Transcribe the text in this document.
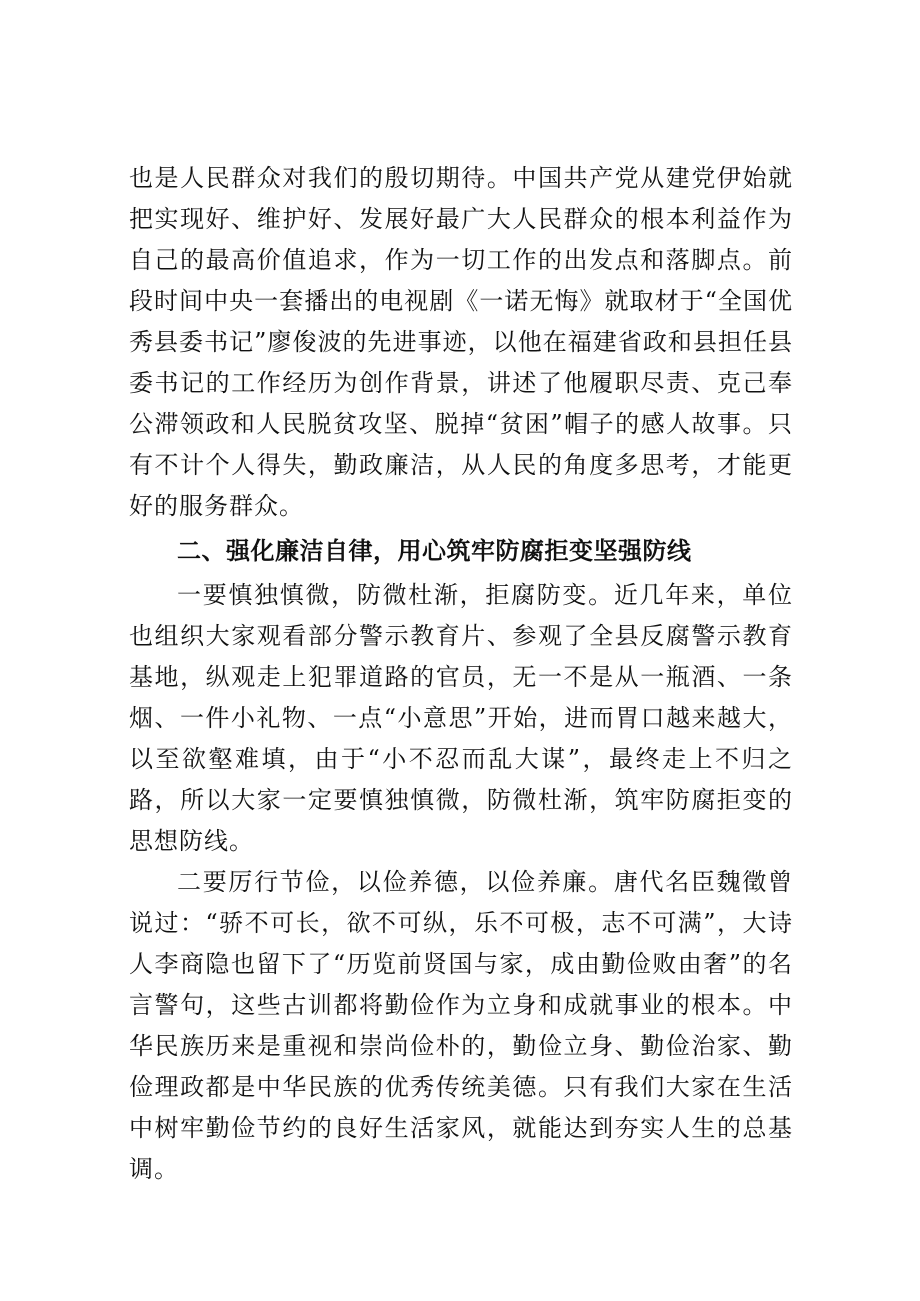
也是人民群众对我们的殷切期待。中国共产党从建党伊始就把实现好、维护好、发展好最广大人民群众的根本利益作为自己的最高价值追求，作为一切工作的出发点和落脚点。前段时间中央一套播出的电视剧《一诺无悔》就取材于“全国优秀县委书记”廖俊波的先进事迹，以他在福建省政和县担任县委书记的工作经历为创作背景，讲述了他履职尽责、克己奉公滞领政和人民脱贫攻坚、脱掉“贫困”帽子的感人故事。只有不计个人得失，勤政廉洁，从人民的角度多思考，才能更好的服务群众。

二、强化廉洁自律，用心筑牢防腐拒变坚强防线

一要慎独慎微，防微杜渐，拒腐防变。近几年来，单位也组织大家观看部分警示教育片、参观了全县反腐警示教育基地，纵观走上犯罪道路的官员，无一不是从一瓶酒、一条烟、一件小礼物、一点“小意思”开始，进而胃口越来越大，以至欲壑难填，由于“小不忍而乱大谋”，最终走上不归之路，所以大家一定要慎独慎微，防微杜渐，筑牢防腐拒变的思想防线。

二要厉行节俭，以俭养德，以俭养廉。唐代名臣魏徵曾说过：“骄不可长，欲不可纵，乐不可极，志不可满”，大诗人李商隐也留下了“历览前贤国与家，成由勤俭败由奢”的名言警句，这些古训都将勤俭作为立身和成就事业的根本。中华民族历来是重视和崇尚俭朴的，勤俭立身、勤俭治家、勤俭理政都是中华民族的优秀传统美德。只有我们大家在生活中树牢勤俭节约的良好生活家风，就能达到夯实人生的总基调。
